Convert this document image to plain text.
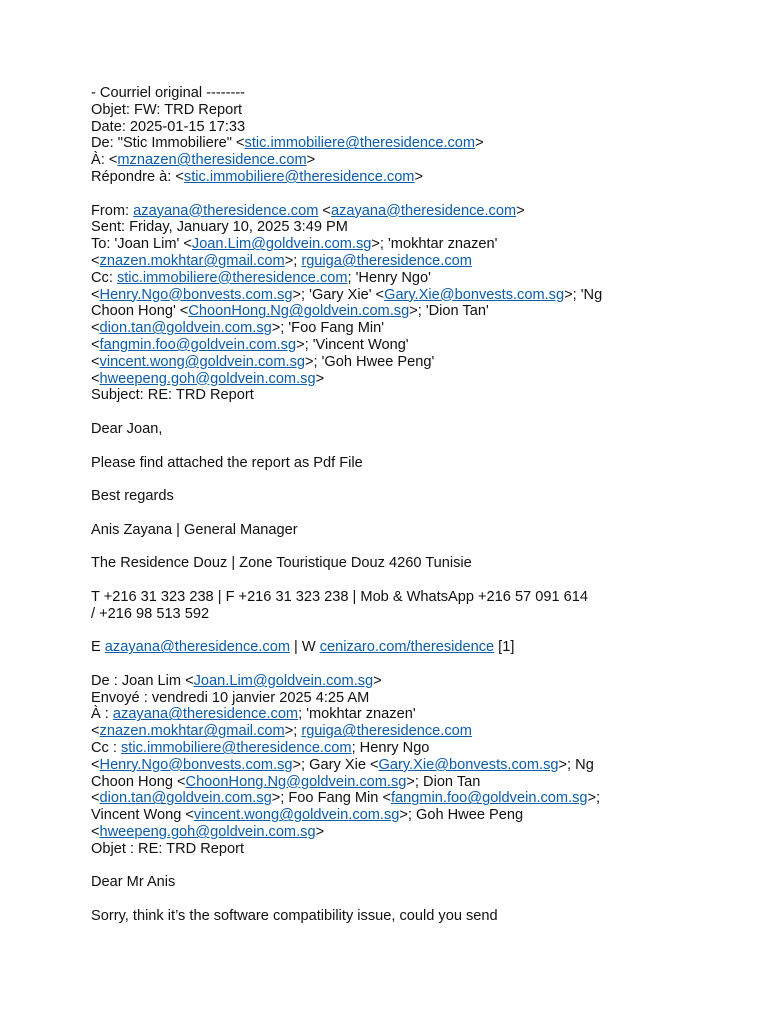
- Courriel original --------
Objet: FW: TRD Report
Date: 2025-01-15 17:33
De: "Stic Immobiliere" <stic.immobiliere@theresidence.com>
À: <mznazen@theresidence.com>
Répondre à: <stic.immobiliere@theresidence.com>
From: azayana@theresidence.com <azayana@theresidence.com>
Sent: Friday, January 10, 2025 3:49 PM
To: 'Joan Lim' <Joan.Lim@goldvein.com.sg>; 'mokhtar znazen'
<znazen.mokhtar@gmail.com>; rguiga@theresidence.com
Cc: stic.immobiliere@theresidence.com; 'Henry Ngo'
<Henry.Ngo@bonvests.com.sg>; 'Gary Xie' <Gary.Xie@bonvests.com.sg>; 'Ng
Choon Hong' <ChoonHong.Ng@goldvein.com.sg>; 'Dion Tan'
<dion.tan@goldvein.com.sg>; 'Foo Fang Min'
<fangmin.foo@goldvein.com.sg>; 'Vincent Wong'
<vincent.wong@goldvein.com.sg>; 'Goh Hwee Peng'
<hweepeng.goh@goldvein.com.sg>
Subject: RE: TRD Report
Dear Joan,
Please find attached the report as Pdf File
Best regards
Anis Zayana | General Manager
The Residence Douz | Zone Touristique Douz 4260 Tunisie
T +216 31 323 238 | F +216 31 323 238 | Mob & WhatsApp +216 57 091 614
/ +216 98 513 592
E azayana@theresidence.com | W cenizaro.com/theresidence [1]
De : Joan Lim <Joan.Lim@goldvein.com.sg>
Envoyé : vendredi 10 janvier 2025 4:25 AM
À : azayana@theresidence.com; 'mokhtar znazen'
<znazen.mokhtar@gmail.com>; rguiga@theresidence.com
Cc : stic.immobiliere@theresidence.com; Henry Ngo
<Henry.Ngo@bonvests.com.sg>; Gary Xie <Gary.Xie@bonvests.com.sg>; Ng
Choon Hong <ChoonHong.Ng@goldvein.com.sg>; Dion Tan
<dion.tan@goldvein.com.sg>; Foo Fang Min <fangmin.foo@goldvein.com.sg>;
Vincent Wong <vincent.wong@goldvein.com.sg>; Goh Hwee Peng
<hweepeng.goh@goldvein.com.sg>
Objet : RE: TRD Report
Dear Mr Anis
Sorry, think it’s the software compatibility issue, could you send
